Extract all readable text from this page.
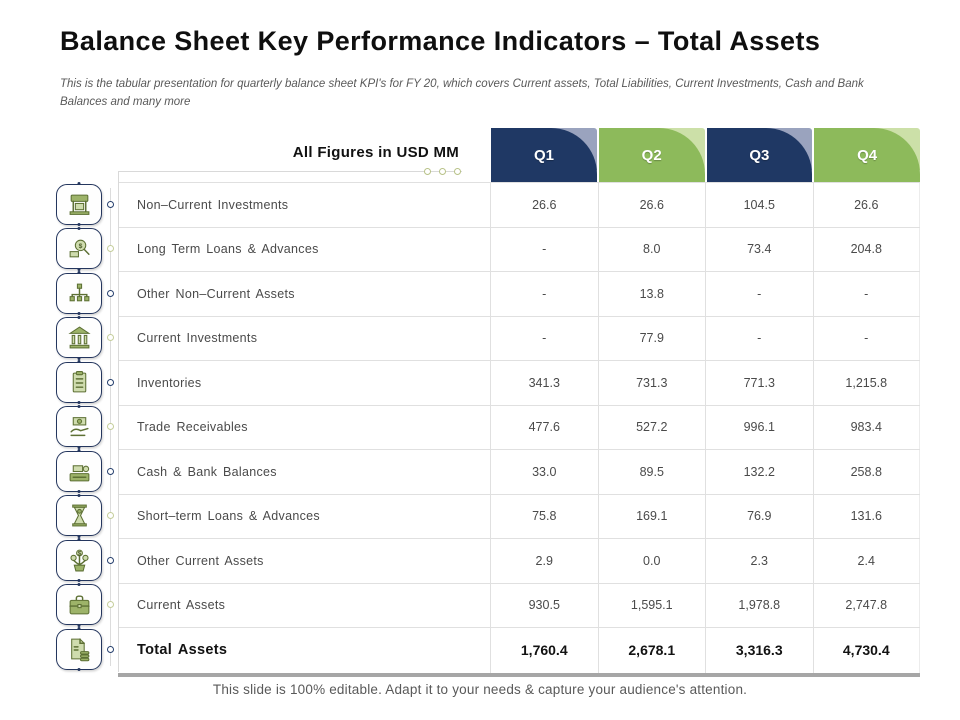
Balance Sheet Key Performance Indicators – Total Assets

This is the tabular presentation for quarterly balance sheet KPI's for FY 20, which covers Current assets, Total Liabilities, Current Investments, Cash and Bank Balances and many more

$
$
All Figures in USD MM	Q1	Q2	Q3	Q4
Non–Current Investments	26.6	26.6	104.5	26.6
Long Term Loans & Advances	-	8.0	73.4	204.8
Other Non–Current Assets	-	13.8	-	-
Current Investments	-	77.9	-	-
Inventories	341.3	731.3	771.3	1,215.8
Trade Receivables	477.6	527.2	996.1	983.4
Cash & Bank Balances	33.0	89.5	132.2	258.8
Short–term Loans & Advances	75.8	169.1	76.9	131.6
Other Current Assets	2.9	0.0	2.3	2.4
Current Assets	930.5	1,595.1	1,978.8	2,747.8
Total Assets	1,760.4	2,678.1	3,316.3	4,730.4

This slide is 100% editable. Adapt it to your needs & capture your audience's attention.
